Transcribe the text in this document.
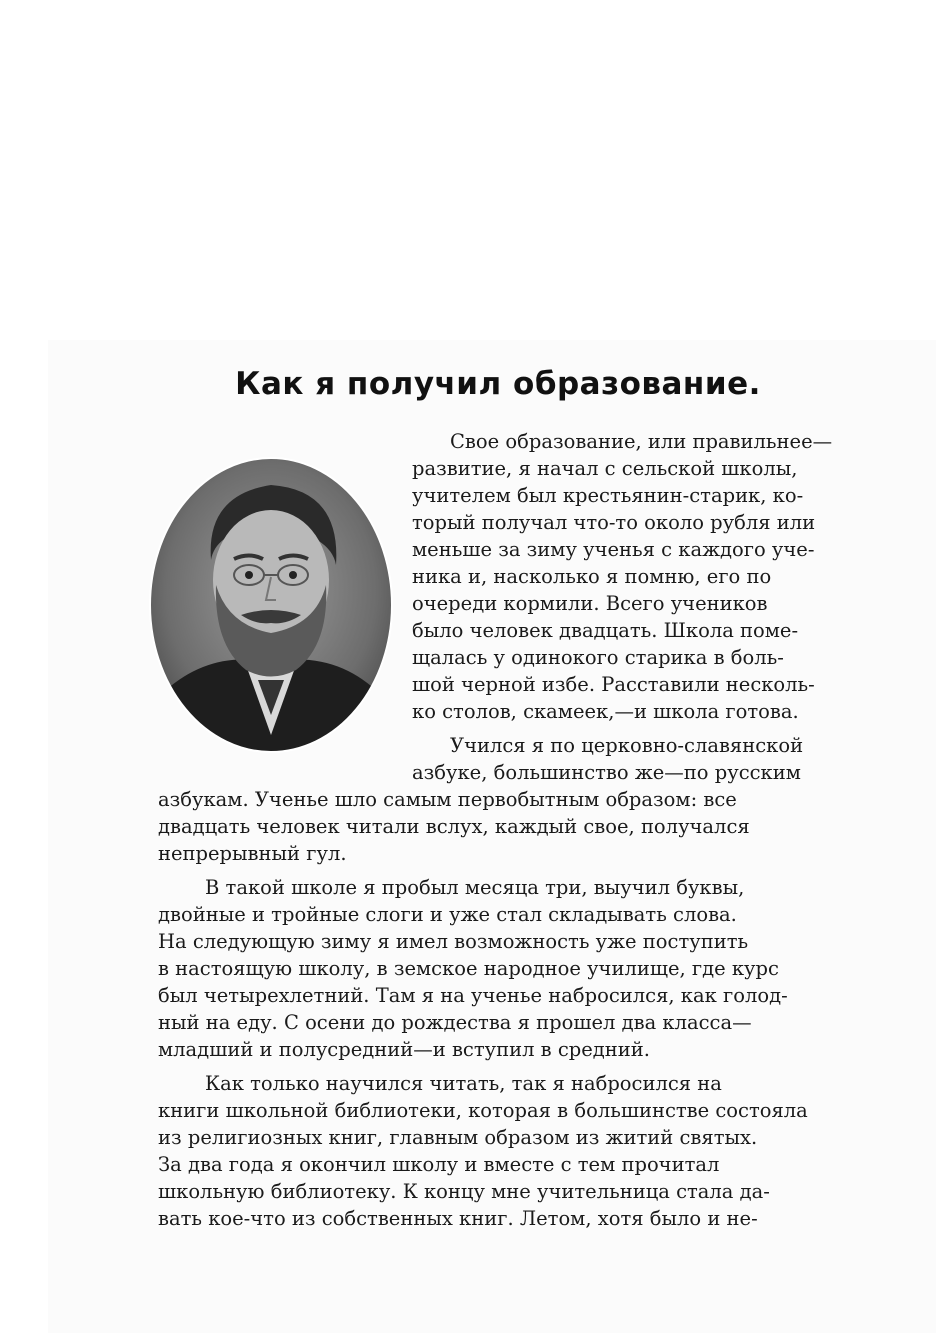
Как я получил образование.
Свое образование, или правильнее—
развитие, я начал с сельской школы,
учителем был крестьянин-старик, ко-
торый получал что-то около рубля или
меньше за зиму ученья с каждого уче-
ника и, насколько я помню, его по
очереди кормили. Всего учеников
было человек двадцать. Школа поме-
щалась у одинокого старика в боль-
шой черной избе. Расставили несколь-
ко столов, скамеек,—и школа готова.
Учился я по церковно-славянской
азбуке, большинство же—по русским
азбукам. Ученье шло самым первобытным образом: все
двадцать человек читали вслух, каждый свое, получался
непрерывный гул.
В такой школе я пробыл месяца три, выучил буквы,
двойные и тройные слоги и уже стал складывать слова.
На следующую зиму я имел возможность уже поступить
в настоящую школу, в земское народное училище, где курс
был четырехлетний. Там я на ученье набросился, как голод-
ный на еду. С осени до рождества я прошел два класса—
младший и полусредний—и вступил в средний.
Как только научился читать, так я набросился на
книги школьной библиотеки, которая в большинстве состояла
из религиозных книг, главным образом из житий святых.
За два года я окончил школу и вместе с тем прочитал
школьную библиотеку. К концу мне учительница стала да-
вать кое-что из собственных книг. Летом, хотя было и не-
